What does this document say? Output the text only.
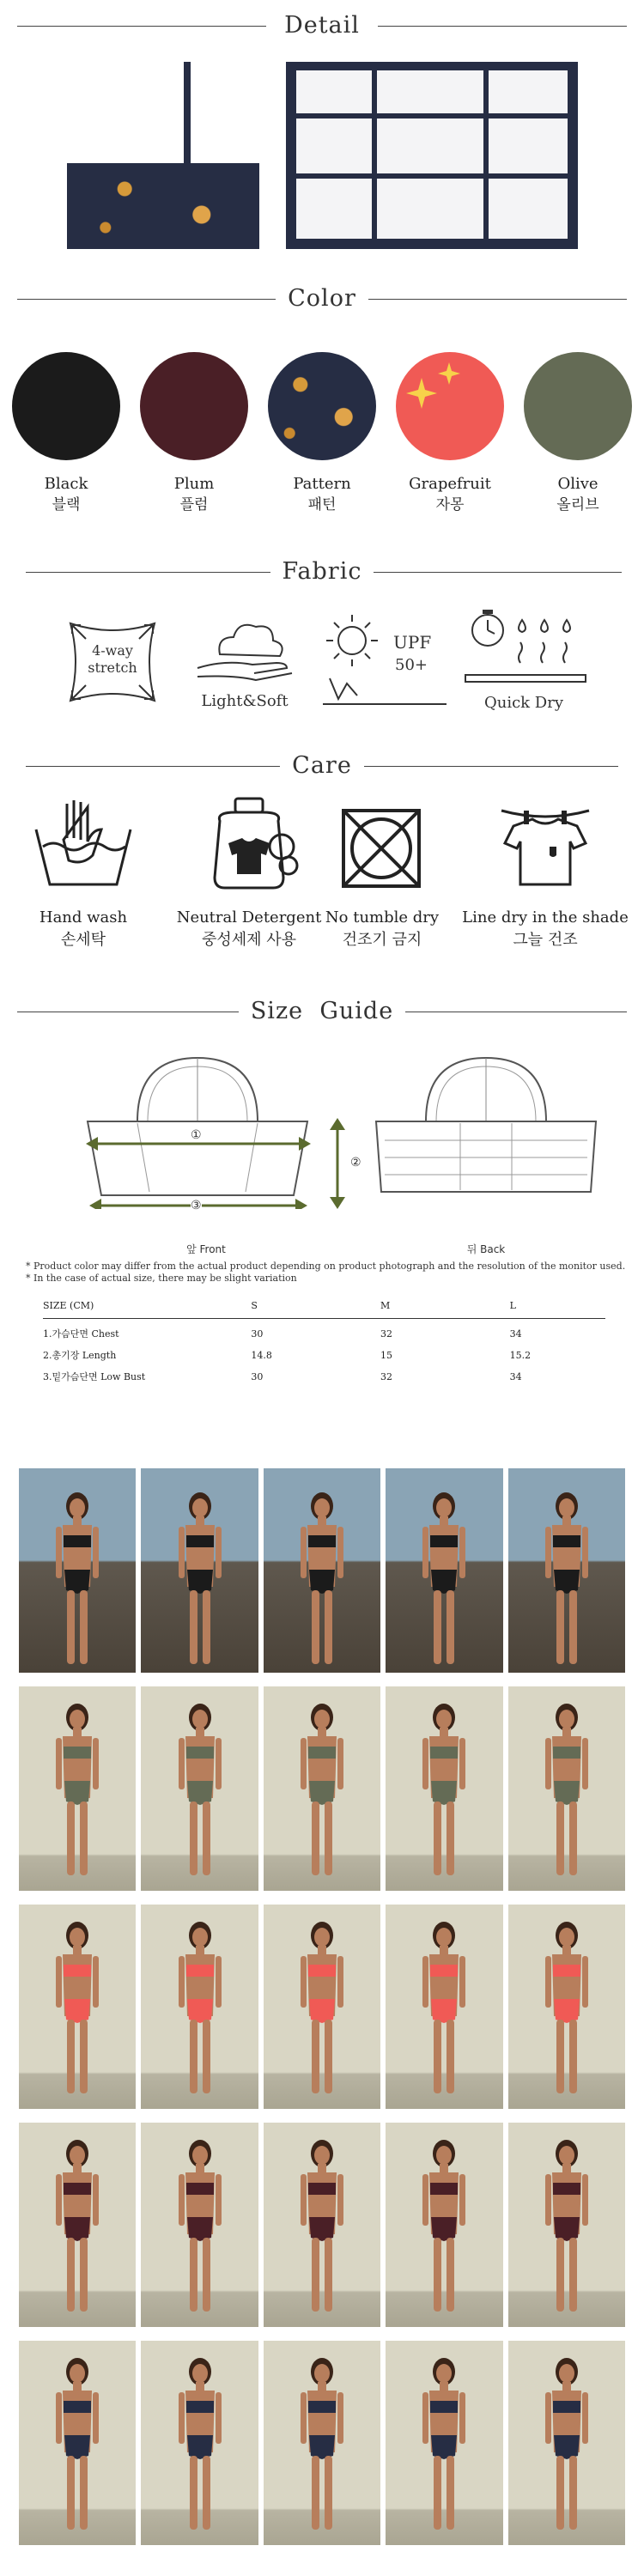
Detail
Color
Black
블랙
Plum
플럼
Pattern
패턴
Grapefruit
자몽
Olive
올리브
Fabric
4-way stretch
Light&Soft
UPF
50+
Quick Dry
Care
Hand wash
손세탁
Neutral Detergent
중성세제 사용
No tumble dry
건조기 금지
Line dry in the shade
그늘 건조
Size  Guide
①
③
②
앞 Front	뒤 Back
* Product color may differ from the actual product depending on product photograph and the resolution of the monitor used.
* In the case of actual size, there may be slight variation
SIZE (CM)	S	M	L
1.가슴단면 Chest	30	32	34
2.총기장 Length	14.8	15	15.2
3.밑가슴단면 Low Bust	30	32	34
